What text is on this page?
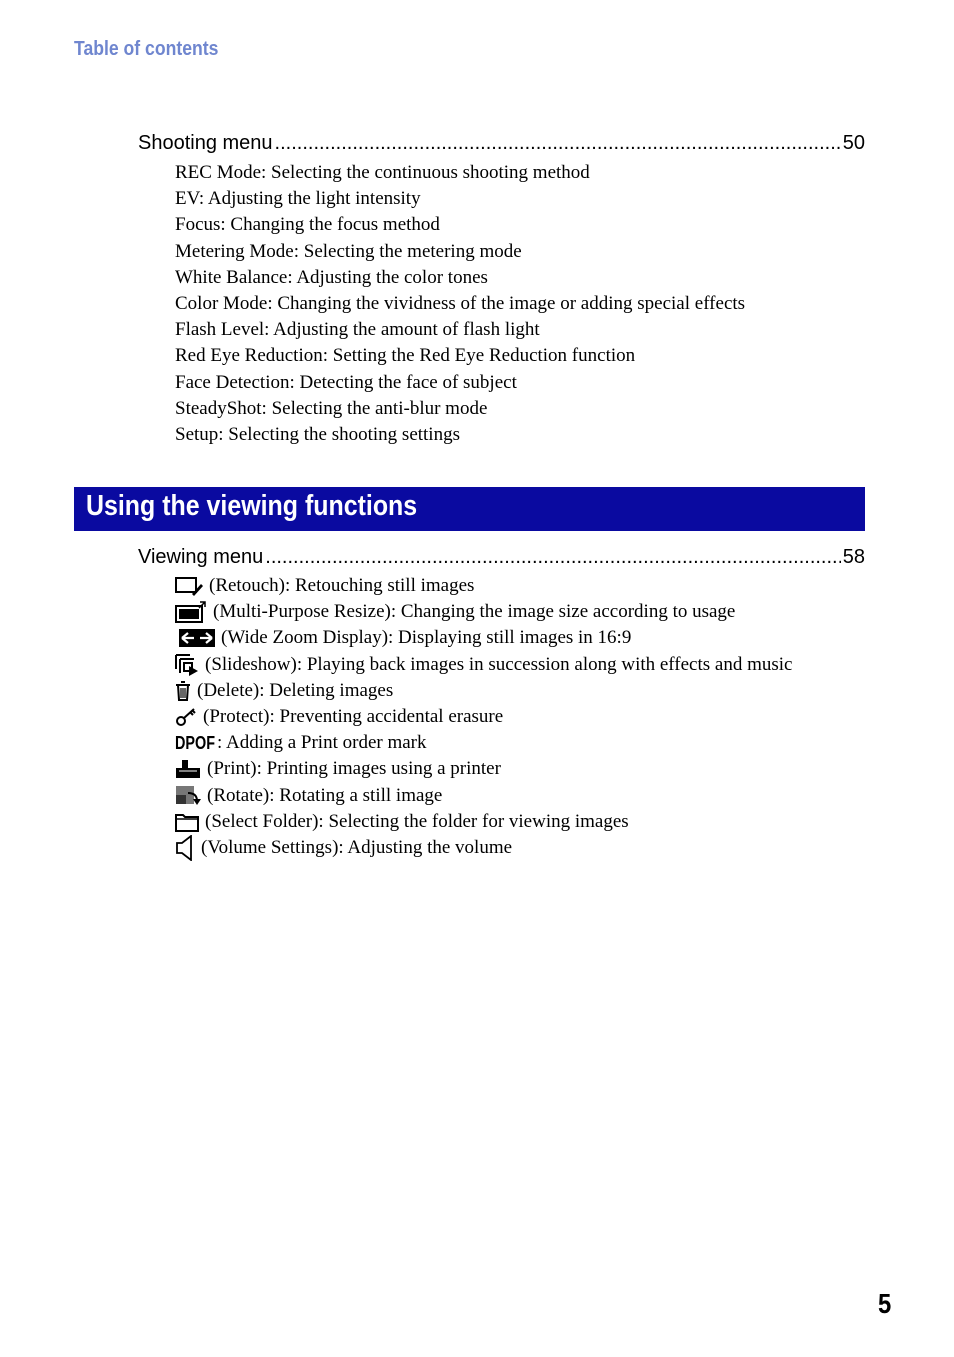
Table of contents
Shooting menu .....	50
REC Mode: Selecting the continuous shooting method
EV: Adjusting the light intensity
Focus: Changing the focus method
Metering Mode: Selecting the metering mode
White Balance: Adjusting the color tones
Color Mode: Changing the vividness of the image or adding special effects
Flash Level: Adjusting the amount of flash light
Red Eye Reduction: Setting the Red Eye Reduction function
Face Detection: Detecting the face of subject
SteadyShot: Selecting the anti-blur mode
Setup: Selecting the shooting settings
Using the viewing functions
Viewing menu .....	58
(Retouch): Retouching still images
(Multi-Purpose Resize): Changing the image size according to usage
(Wide Zoom Display): Displaying still images in 16:9
(Slideshow): Playing back images in succession along with effects and music
(Delete): Deleting images
(Protect): Preventing accidental erasure
DPOF : Adding a Print order mark
(Print): Printing images using a printer
(Rotate): Rotating a still image
(Select Folder): Selecting the folder for viewing images
(Volume Settings): Adjusting the volume
5
